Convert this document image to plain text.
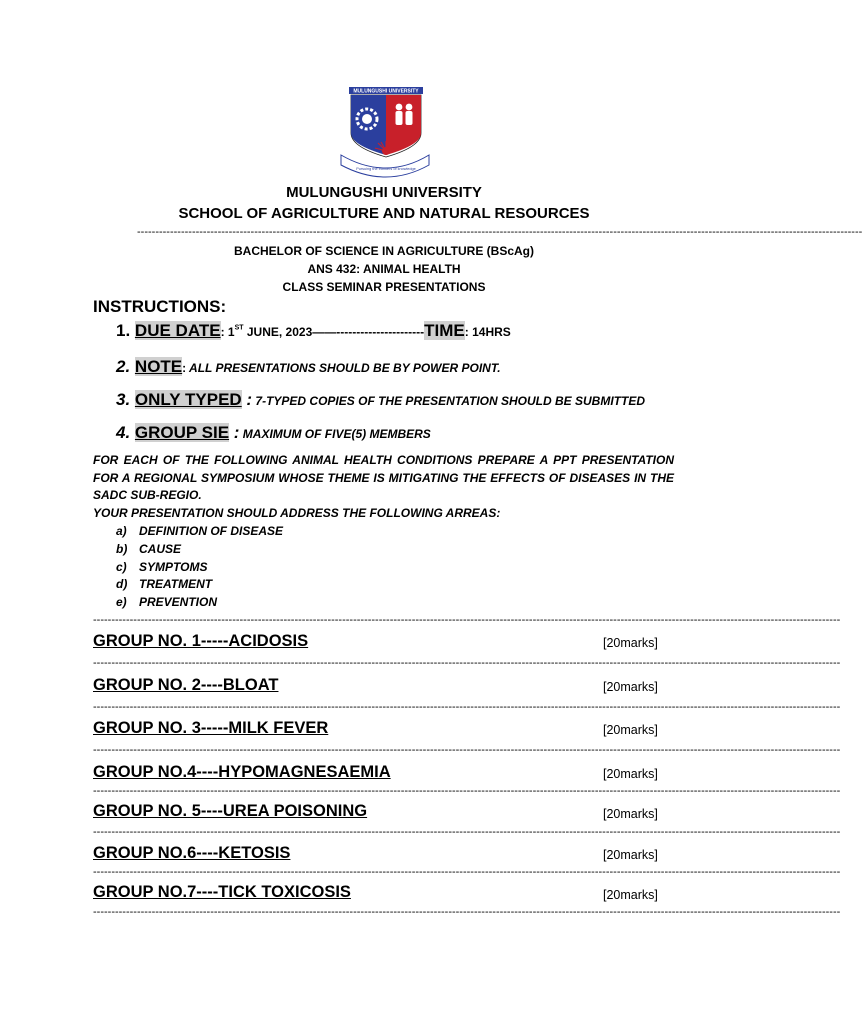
MULUNGUSHI UNIVERSITY
Pursuing the frontiers of knowledge
MULUNGUSHI UNIVERSITY
SCHOOL OF AGRICULTURE AND NATURAL RESOURCES
------------------------------------------------------------------------------------------------------------------------------------------------------------------------------------------------------
BACHELOR OF SCIENCE IN AGRICULTURE (BScAg)
ANS 432: ANIMAL HEALTH
CLASS SEMINAR PRESENTATIONS
INSTRUCTIONS:
1. DUE DATE: 1ST JUNE, 2023——----------------------TIME: 14HRS
2. NOTE: ALL PRESENTATIONS SHOULD BE BY POWER POINT.
3. ONLY TYPED : 7-TYPED COPIES OF THE PRESENTATION SHOULD BE SUBMITTED
4. GROUP SIE : MAXIMUM OF FIVE(5) MEMBERS
FOR EACH OF THE FOLLOWING ANIMAL HEALTH CONDITIONS PREPARE A PPT PRESENTATION FOR A REGIONAL SYMPOSIUM WHOSE THEME IS MITIGATING THE EFFECTS OF DISEASES IN THE SADC SUB-REGIO.
YOUR PRESENTATION SHOULD ADDRESS THE FOLLOWING ARREAS:
a) DEFINITION OF DISEASE
b) CAUSE
c) SYMPTOMS
d) TREATMENT
e) PREVENTION
------------------------------------------------------------------------------------------------------------------------------------------------------------------------------------------------------------
GROUP NO. 1-----ACIDOSIS	[20marks]
------------------------------------------------------------------------------------------------------------------------------------------------------------------------------------------------------------
GROUP NO. 2----BLOAT	[20marks]
------------------------------------------------------------------------------------------------------------------------------------------------------------------------------------------------------------
GROUP NO. 3-----MILK FEVER	[20marks]
------------------------------------------------------------------------------------------------------------------------------------------------------------------------------------------------------------
GROUP NO.4----HYPOMAGNESAEMIA	[20marks]
------------------------------------------------------------------------------------------------------------------------------------------------------------------------------------------------------------
GROUP NO. 5----UREA POISONING	[20marks]
------------------------------------------------------------------------------------------------------------------------------------------------------------------------------------------------------------
GROUP NO.6----KETOSIS	[20marks]
------------------------------------------------------------------------------------------------------------------------------------------------------------------------------------------------------------
GROUP NO.7----TICK TOXICOSIS	[20marks]
------------------------------------------------------------------------------------------------------------------------------------------------------------------------------------------------------------
